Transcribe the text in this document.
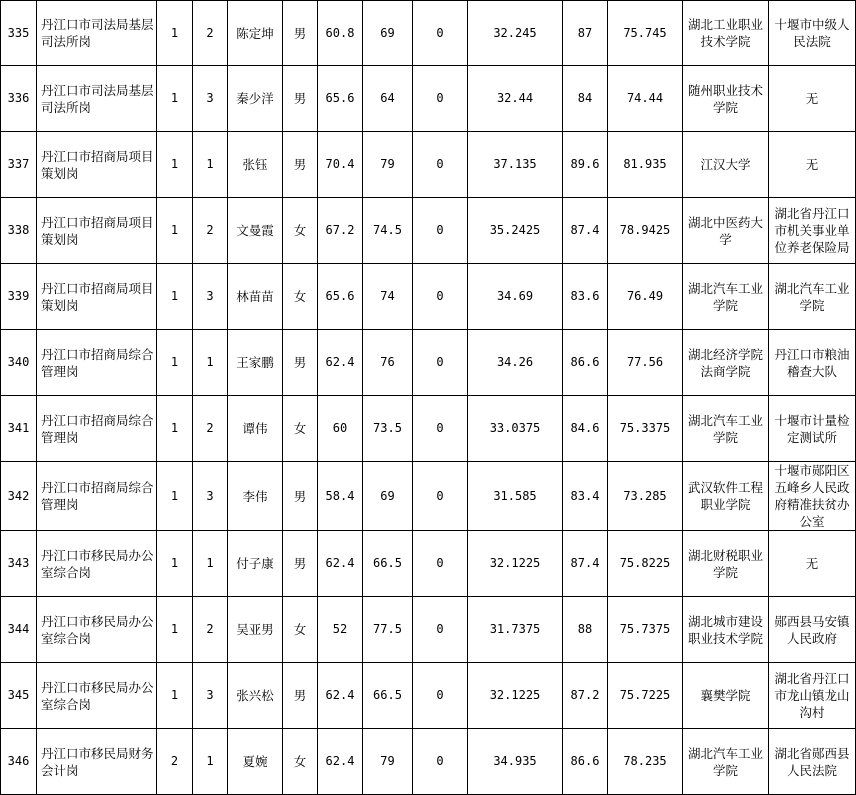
335	丹江口市司法局基层司法所岗	1	2	陈定坤	男	60.8	69	0	32.245	87	75.745	湖北工业职业技术学院	十堰市中级人民法院
336	丹江口市司法局基层司法所岗	1	3	秦少洋	男	65.6	64	0	32.44	84	74.44	随州职业技术学院	无
337	丹江口市招商局项目策划岗	1	1	张钰	男	70.4	79	0	37.135	89.6	81.935	江汉大学	无
338	丹江口市招商局项目策划岗	1	2	文曼霞	女	67.2	74.5	0	35.2425	87.4	78.9425	湖北中医药大学	湖北省丹江口市机关事业单位养老保险局
339	丹江口市招商局项目策划岗	1	3	林苗苗	女	65.6	74	0	34.69	83.6	76.49	湖北汽车工业学院	湖北汽车工业学院
340	丹江口市招商局综合管理岗	1	1	王家鹏	男	62.4	76	0	34.26	86.6	77.56	湖北经济学院法商学院	丹江口市粮油稽查大队
341	丹江口市招商局综合管理岗	1	2	谭伟	女	60	73.5	0	33.0375	84.6	75.3375	湖北汽车工业学院	十堰市计量检定测试所
342	丹江口市招商局综合管理岗	1	3	李伟	男	58.4	69	0	31.585	83.4	73.285	武汉软件工程职业学院	十堰市郧阳区五峰乡人民政府精准扶贫办公室
343	丹江口市移民局办公室综合岗	1	1	付子康	男	62.4	66.5	0	32.1225	87.4	75.8225	湖北财税职业学院	无
344	丹江口市移民局办公室综合岗	1	2	吴亚男	女	52	77.5	0	31.7375	88	75.7375	湖北城市建设职业技术学院	郧西县马安镇人民政府
345	丹江口市移民局办公室综合岗	1	3	张兴松	男	62.4	66.5	0	32.1225	87.2	75.7225	襄樊学院	湖北省丹江口市龙山镇龙山沟村
346	丹江口市移民局财务会计岗	2	1	夏婉	女	62.4	79	0	34.935	86.6	78.235	湖北汽车工业学院	湖北省郧西县人民法院
